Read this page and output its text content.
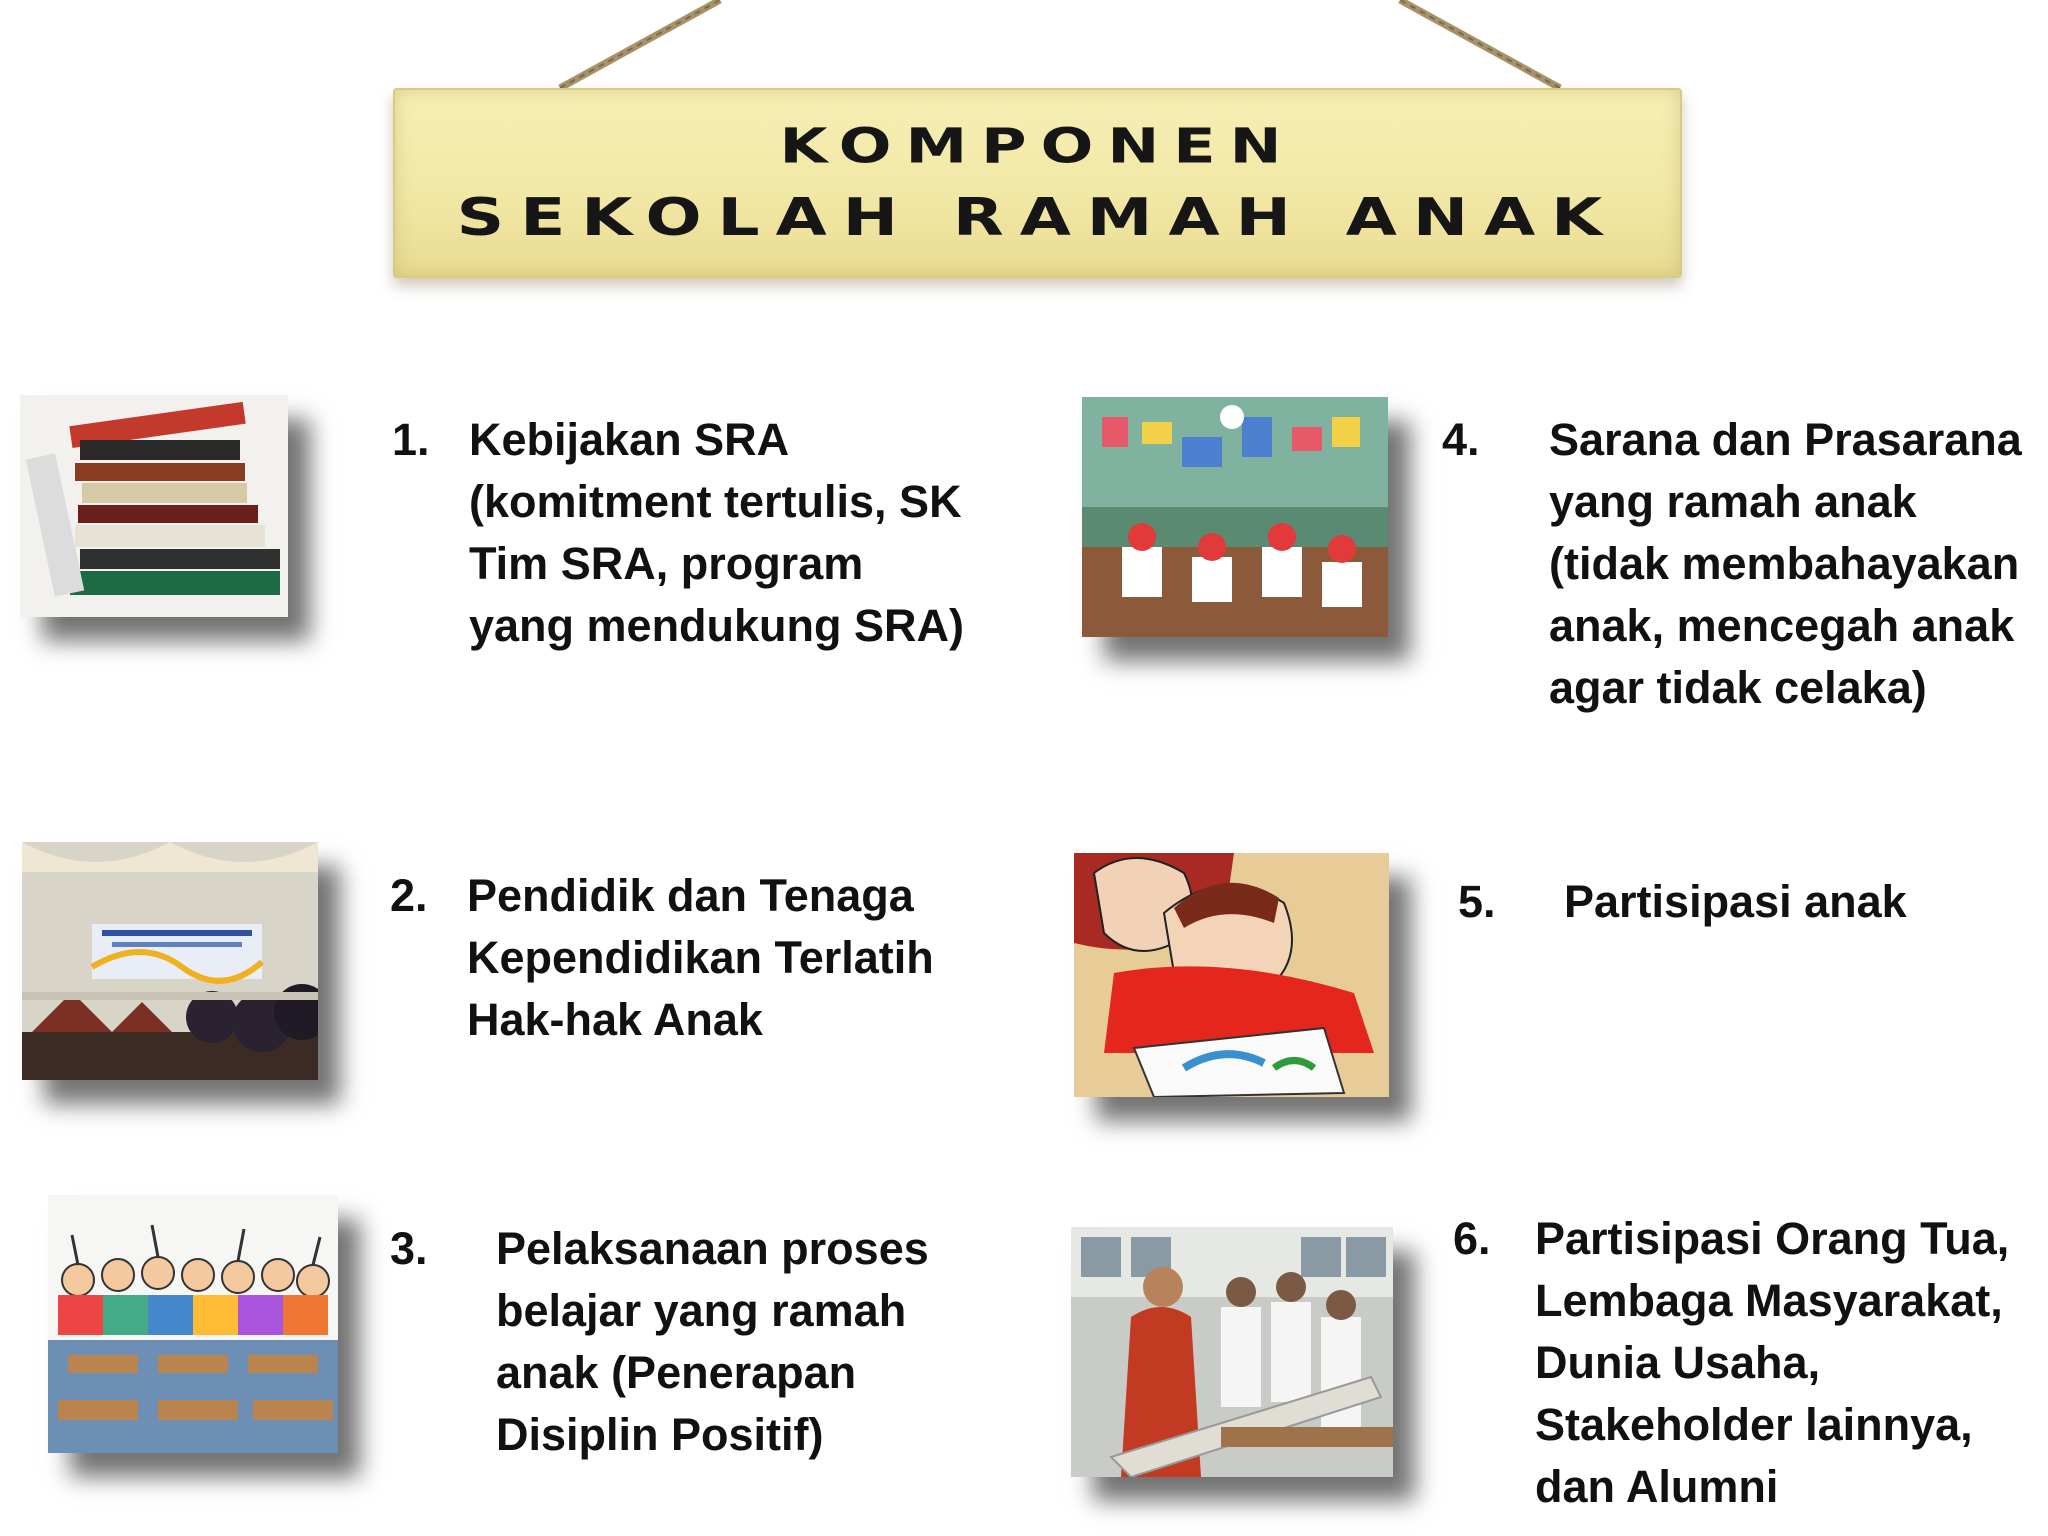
KOMPONEN
SEKOLAH RAMAH ANAK
1. Kebijakan SRA
(komitment tertulis, SK
Tim SRA, program
yang mendukung SRA)
2. Pendidik dan Tenaga
Kependidikan Terlatih
Hak-hak Anak
3. Pelaksanaan proses
belajar yang ramah
anak (Penerapan
Disiplin Positif)
4. Sarana dan Prasarana
yang ramah anak
(tidak membahayakan
anak, mencegah anak
agar tidak celaka)
5. Partisipasi anak
6. Partisipasi Orang Tua,
Lembaga Masyarakat,
Dunia Usaha,
Stakeholder lainnya,
dan Alumni
